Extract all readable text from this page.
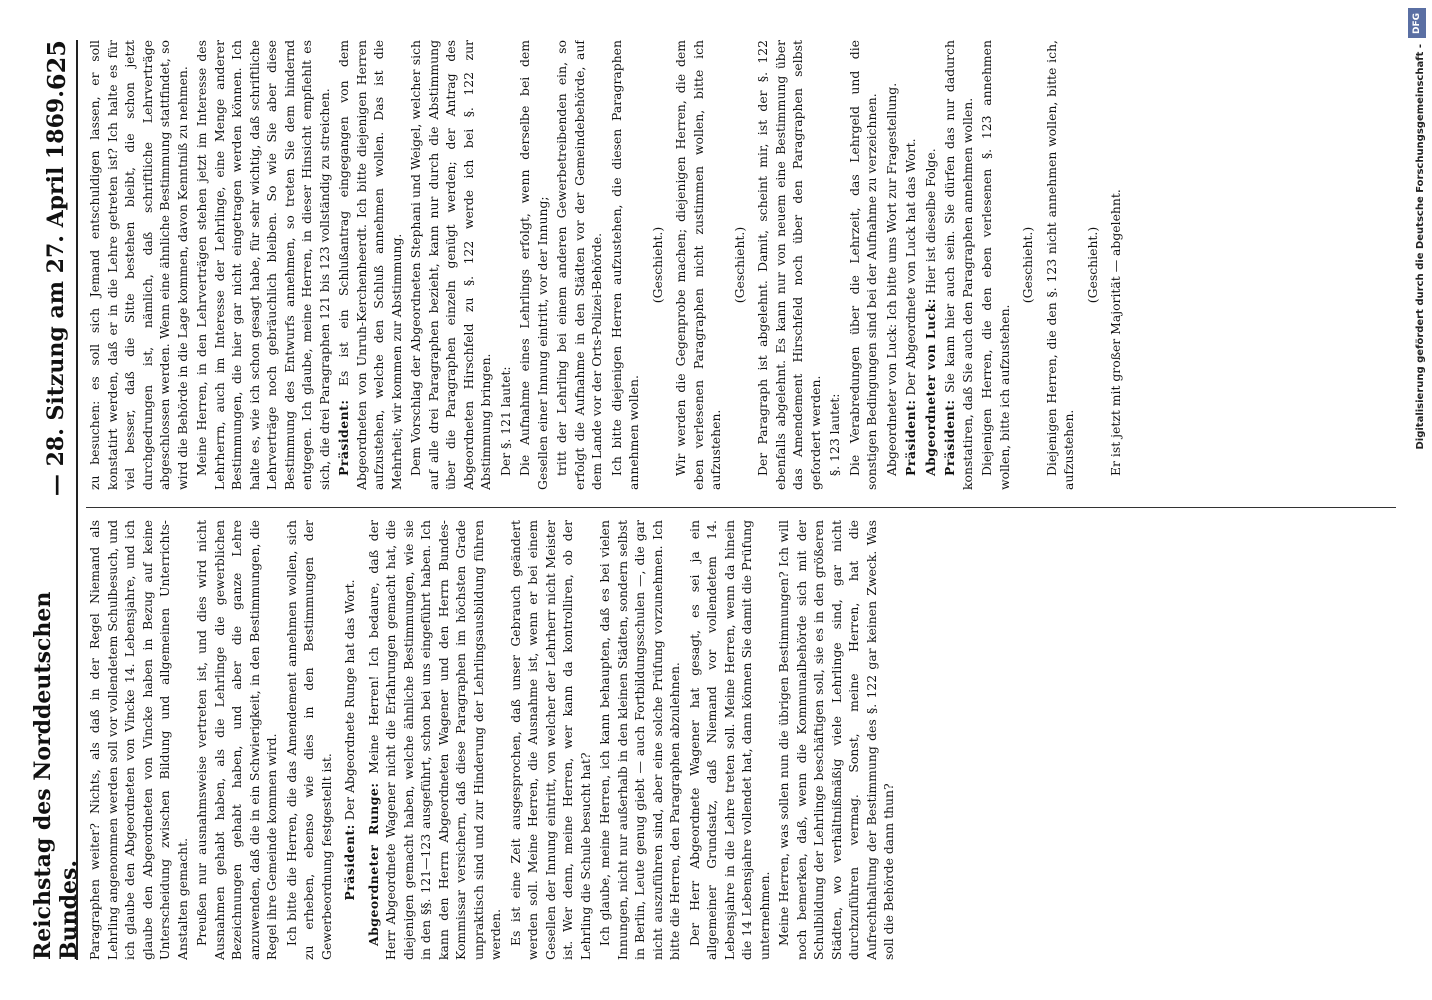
Reichstag des Norddeutschen Bundes.
— 28. Sitzung am 27. April 1869.
625

Paragraphen weiter? Nichts, als daß in der Regel Niemand als Lehrling angenommen werden soll vor vollendetem Schulbesuch, und ich glaube den Abgeordneten von Vincke 14. Lebensjahre, und ich glaube den Abgeordneten von Vincke haben in Bezug auf keine Unterscheidung zwischen Bildung und allgemeinen Unterrichts-Anstalten gemacht. Preußen nur ausnahmsweise vertreten ist, und dies wird nicht Ausnahmen gehabt haben, als die Lehrlinge die gewerblichen Bezeichnungen gehabt haben, und aber die ganze Lehre anzuwenden, daß die in ein Schwierigkeit, in den Bestimmungen, die Regel ihre Gemeinde kommen wird. Ich bitte die Herren, die das Amendement annehmen wollen, sich zu erheben, ebenso wie dies in den Bestimmungen der Gewerbeordnung festgestellt ist. Präsident: Der Abgeordnete Runge hat das Wort.

Abgeordneter Runge: Meine Herren! Ich bedaure, daß der Herr Abgeordnete Wagener nicht die Erfahrungen gemacht hat, die diejenigen gemacht haben, welche ähnliche Bestimmungen, wie sie in den §§. 121—123 ausgeführt, schon bei uns eingeführt haben. Ich kann den Herrn Abgeordneten Wagener und den Herrn Bundes-Kommissar versichern, daß diese Paragraphen im höchsten Grade unpraktisch sind und zur Hinderung der Lehrlingsausbildung führen werden. Es ist eine Zeit ausgesprochen, daß unser Gebrauch geändert werden soll. Meine Herren, die Ausnahme ist, wenn er bei einem Gesellen der Innung eintritt, von welcher der Lehrherr nicht Meister ist. Wer denn, meine Herren, wer kann da kontrolliren, ob der Lehrling die Schule besucht hat? Ich glaube, meine Herren, ich kann behaupten, daß es bei vielen Innungen, nicht nur außerhalb in den kleinen Städten, sondern selbst in Berlin, Leute genug giebt — auch Fortbildungsschulen —, die gar nicht auszuführen sind, aber eine solche Prüfung vorzunehmen. Ich bitte die Herren, den Paragraphen abzulehnen. Der Herr Abgeordnete Wagener hat gesagt, es sei ja ein allgemeiner Grundsatz, daß Niemand vor vollendetem 14. Lebensjahre in die Lehre treten soll. Meine Herren, wenn da hinein die 14 Lebensjahre vollendet hat, dann können Sie damit die Prüfung unternehmen. Meine Herren, was sollen nun die übrigen Bestimmungen? Ich will noch bemerken, daß, wenn die Kommunalbehörde sich mit der Schulbildung der Lehrlinge beschäftigen soll, sie es in den größeren Städten, wo verhältnißmäßig viele Lehrlinge sind, gar nicht durchzuführen vermag. Sonst, meine Herren, hat die Aufrechthaltung der Bestimmung des §. 122 gar keinen Zweck. Was soll die Behörde dann thun?

zu besuchen: es soll sich Jemand entschuldigen lassen, er soll konstatirt werden, daß er in die Lehre getreten ist? Ich halte es für viel besser, daß die Sitte bestehen bleibt, die schon jetzt durchgedrungen ist, nämlich, daß schriftliche Lehrverträge abgeschlossen werden. Wenn eine ähnliche Bestimmung stattfindet, so wird die Behörde in die Lage kommen, davon Kenntniß zu nehmen. Meine Herren, in den Lehrverträgen stehen jetzt im Interesse des Lehrherrn, auch im Interesse der Lehrlinge, eine Menge anderer Bestimmungen, die hier gar nicht eingetragen werden können. Ich halte es, wie ich schon gesagt habe, für sehr wichtig, daß schriftliche Lehrverträge noch gebräuchlich bleiben. So wie Sie aber diese Bestimmung des Entwurfs annehmen, so treten Sie dem hindernd entgegen. Ich glaube, meine Herren, in dieser Hinsicht empfiehlt es sich, die drei Paragraphen 121 bis 123 vollständig zu streichen. Präsident: Es ist ein Schlußantrag eingegangen von dem Abgeordneten von Unruh-Kerchenheerdt. Ich bitte diejenigen Herren aufzustehen, welche den Schluß annehmen wollen. Das ist die Mehrheit; wir kommen zur Abstimmung. Dem Vorschlag der Abgeordneten Stephani und Weigel, welcher sich auf alle drei Paragraphen bezieht, kann nur durch die Abstimmung über die Paragraphen einzeln genügt werden; der Antrag des Abgeordneten Hirschfeld zu §. 122 werde ich bei §. 122 zur Abstimmung bringen. Der §. 121 lautet: Die Aufnahme eines Lehrlings erfolgt, wenn derselbe bei dem Gesellen einer Innung eintritt, vor der Innung; tritt der Lehrling bei einem anderen Gewerbetreibenden ein, so erfolgt die Aufnahme in den Städten vor der Gemeindebehörde, auf dem Lande vor der Orts-Polizei-Behörde. Ich bitte diejenigen Herren aufzustehen, die diesen Paragraphen annehmen wollen.

(Geschieht.) Wir werden die Gegenprobe machen; diejenigen Herren, die dem eben verlesenen Paragraphen nicht zustimmen wollen, bitte ich aufzustehen.

(Geschieht.) Der Paragraph ist abgelehnt. Damit, scheint mir, ist der §. 122 ebenfalls abgelehnt. Es kann nur von neuem eine Bestimmung über das Amendement Hirschfeld noch über den Paragraphen selbst gefordert werden. §. 123 lautet: Die Verabredungen über die Lehrzeit, das Lehrgeld und die sonstigen Bedingungen sind bei der Aufnahme zu verzeichnen. Abgeordneter von Luck: Ich bitte ums Wort zur Fragestellung. Präsident: Der Abgeordnete von Luck hat das Wort. Abgeordneter von Luck: Hier ist dieselbe Folge.

Präsident: Sie kann hier auch sein. Sie dürfen das nur dadurch konstatiren, daß Sie auch den Paragraphen annehmen wollen. Diejenigen Herren, die den eben verlesenen §. 123 annehmen wollen, bitte ich aufzustehen.

(Geschieht.) Diejenigen Herren, die den §. 123 nicht annehmen wollen, bitte ich, aufzustehen.

(Geschieht.) Er ist jetzt mit großer Majorität — abgelehnt.

DFG
Digitalisierung gefördert durch die Deutsche Forschungsgemeinschaft -
